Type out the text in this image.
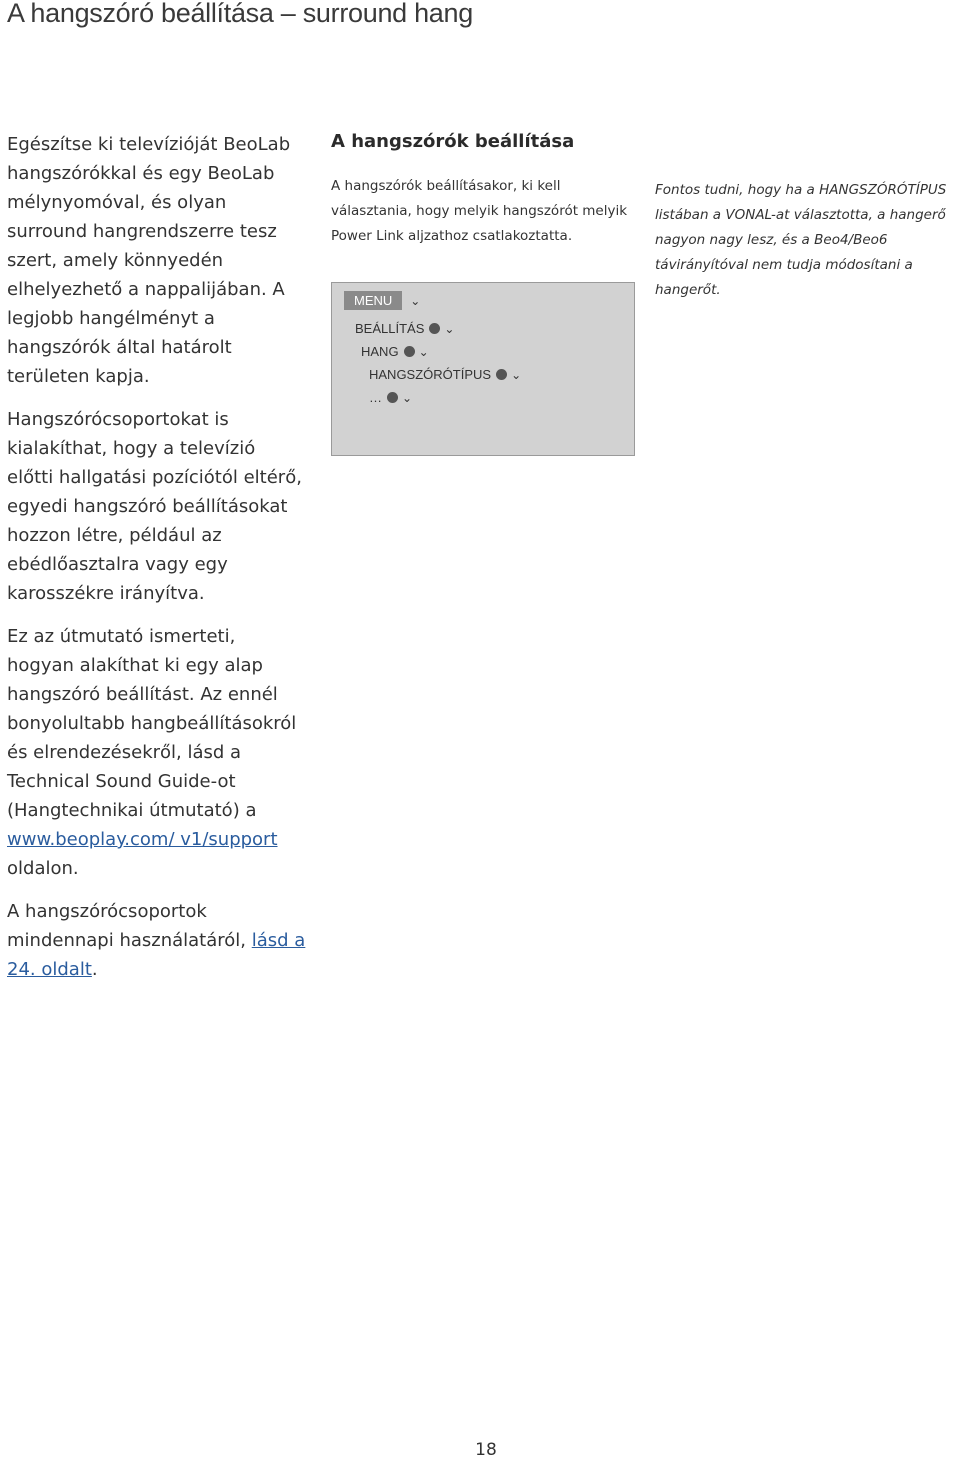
A hangszóró beállítása – surround hang

Egészítse ki televízióját BeoLab hangszórókkal és egy BeoLab mélynyomóval, és olyan surround hangrendszerre tesz szert, amely könnyedén elhelyezhető a nappalijában. A legjobb hangélményt a hangszórók által határolt területen kapja.

Hangszórócsoportokat is kialakíthat, hogy a televízió előtti hallgatási pozíciótól eltérő, egyedi hangszóró beállításokat hozzon létre, például az ebédlőasztalra vagy egy karosszékre irányítva.

Ez az útmutató ismerteti, hogyan alakíthat ki egy alap hangszóró beállítást. Az ennél bonyolultabb hangbeállításokról és elrendezésekről, lásd a Technical Sound Guide-ot (Hangtechnikai útmutató) a www.beoplay.com/ v1/support oldalon.

A hangszórócsoportok mindennapi használatáról, lásd a 24. oldalt.

A hangszórók beállítása

A hangszórók beállításakor, ki kell választania, hogy melyik hangszórót melyik Power Link aljzathoz csatlakoztatta.

MENU	⌄
BEÁLLÍTÁS ⌄
HANG ⌄
HANGSZÓRÓTÍPUS ⌄
… ⌄

Fontos tudni, hogy ha a HANGSZÓRÓTÍPUS listában a VONAL-at választotta, a hangerő nagyon nagy lesz, és a Beo4/Beo6 távirányítóval nem tudja módosítani a hangerőt.

18
